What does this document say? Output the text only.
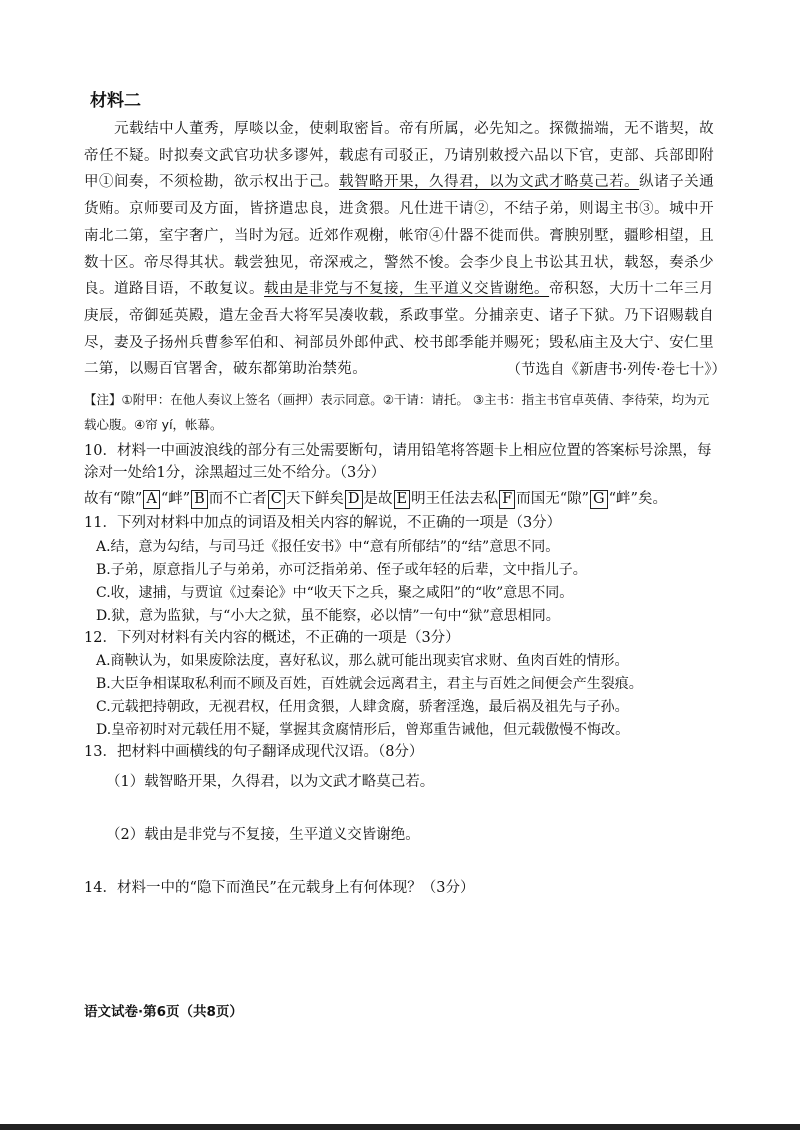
材料二
元载结中人董秀，厚啖以金，使刺取密旨。帝有所属，必先知之。探微揣端，无不谐契，故帝任不疑。时拟奏文武官功状多谬舛，载虑有司驳正，乃请别敕授六品以下官，吏部、兵部即附甲①间奏，不须检勘，欲示权出于己。载智略开果，久得君，以为文武才略莫己若。纵诸子关通货贿。京师要司及方面，皆挤遣忠良，进贪猥。凡仕进干请②，不结子弟，则谒主书③。城中开南北二第，室宇奢广，当时为冠。近郊作观榭，帐帘④什器不徙而供。膏腴别墅，疆畛相望，且数十区。帝尽得其状。载尝独见，帝深戒之，警然不悛。会李少良上书讼其丑状，载怒，奏杀少良。道路目语，不敢复议。载由是非党与不复接，生平道义交皆谢绝。帝积怒，大历十二年三月庚辰，帝御延英殿，遣左金吾大将军吴凑收载，系政事堂。分捕亲吏、诸子下狱。乃下诏赐载自尽，妻及子扬州兵曹参军伯和、祠部员外郎仲武、校书郎季能并赐死；毁私庙主及大宁、安仁里二第，以赐百官署舍，破东都第助治禁苑。	（节选自《新唐书·列传·卷七十》）
【注】①附甲：在他人奏议上签名（画押）表示同意。②干请：请托。 ③主书：指主书官卓英倩、李待荣，均为元载心腹。④帘 yí，帐幕。
10．材料一中画波浪线的部分有三处需要断句，请用铅笔将答题卡上相应位置的答案标号涂黑，每涂对一处给1分，涂黑超过三处不给分。（3分）
故有“隙” A “衅” B 而不亡者 C 天下鲜矣 D 是故 E 明王任法去私 F 而国无“隙” G “衅”矣。
11．下列对材料中加点的词语及相关内容的解说，不正确的一项是（3分）
A.结，意为勾结，与司马迁《报任安书》中“意有所郁结”的“结”意思不同。
B.子弟，原意指儿子与弟弟，亦可泛指弟弟、侄子或年轻的后辈，文中指儿子。
C.收，逮捕，与贾谊《过秦论》中“收天下之兵，聚之咸阳”的“收”意思不同。
D.狱，意为监狱，与“小大之狱，虽不能察，必以情”一句中“狱”意思相同。
12．下列对材料有关内容的概述，不正确的一项是（3分）
A.商鞅认为，如果废除法度，喜好私议，那么就可能出现卖官求财、鱼肉百姓的情形。
B.大臣争相谋取私利而不顾及百姓，百姓就会远离君主，君主与百姓之间便会产生裂痕。
C.元载把持朝政，无视君权，任用贪猥，人肆贪腐，骄奢淫逸，最后祸及祖先与子孙。
D.皇帝初时对元载任用不疑，掌握其贪腐情形后，曾郑重告诫他，但元载傲慢不悔改。
13．把材料中画横线的句子翻译成现代汉语。（8分）
（1）载智略开果，久得君，以为文武才略莫己若。
（2）载由是非党与不复接，生平道义交皆谢绝。
14．材料一中的“隐下而渔民”在元载身上有何体现？（3分）
语文试卷·第6页（共8页）
